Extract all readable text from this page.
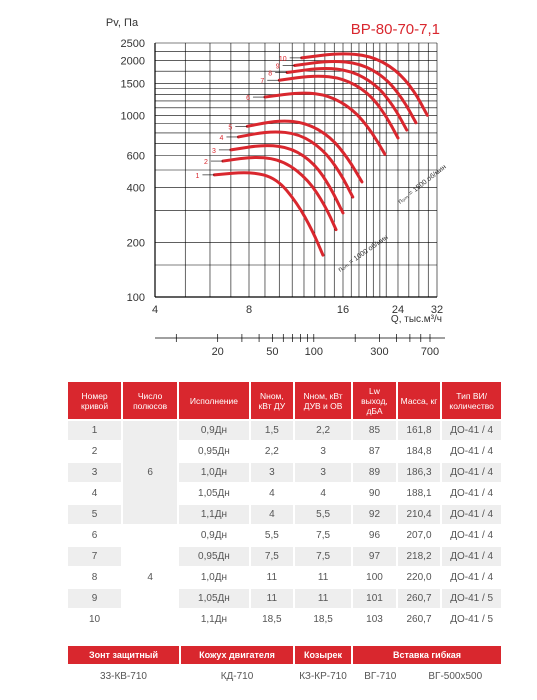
2500
2000
1500
1000
600
400
200
100
4	8	16	24 32
20	50 100	300	700
1
2
3
4
5
6
7
8
9
10
ВР-80-70-7,1
Pv, Па
Q, тыс.м³/ч
n₀ₘ = 1000 об/мин
n₀ₘ = 1500 об/мин
Номер кривой	Число полюсов	Исполнение	Nном, кВт ДУ	Nном, кВт ДУВ и ОВ	Lw выход, дБА	Масса, кг	Тип ВИ/ количество
1	6	0,9Дн	1,5	2,2	85	161,8	ДО-41 / 4
2		0,95Дн	2,2	3	87	184,8	ДО-41 / 4
3		1,0Дн	3	3	89	186,3	ДО-41 / 4
4		1,05Дн	4	4	90	188,1	ДО-41 / 4
5		1,1Дн	4	5,5	92	210,4	ДО-41 / 4
6	4	0,9Дн	5,5	7,5	96	207,0	ДО-41 / 4
7		0,95Дн	7,5	7,5	97	218,2	ДО-41 / 4
8		1,0Дн	11	11	100	220,0	ДО-41 / 4
9		1,05Дн	11	11	101	260,7	ДО-41 / 5
10		1,1Дн	18,5	18,5	103	260,7	ДО-41 / 5
Зонт защитный	Кожух двигателя	Козырек	Вставка гибкая	
33-КВ-710	КД-710	КЗ-КР-710	ВГ-710	ВГ-500х500
